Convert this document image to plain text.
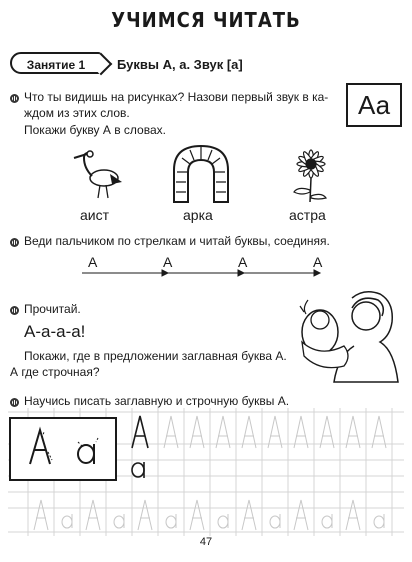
УЧИМСЯ ЧИТАТЬ
Занятие 1	Буквы А, а. Звук [а]
Что ты видишь на рисунках? Назови первый звук в ка-
ждом из этих слов.
Покажи букву А в словах.
Аа
аист	арка	астра
Веди пальчиком по стрелкам и читай буквы, соединяя.
А	А	А	А
Прочитай.
А-а-а-а!
Покажи, где в предложении заглавная буква А.
А где строчная?
Научись писать заглавную и строчную буквы А.
47
